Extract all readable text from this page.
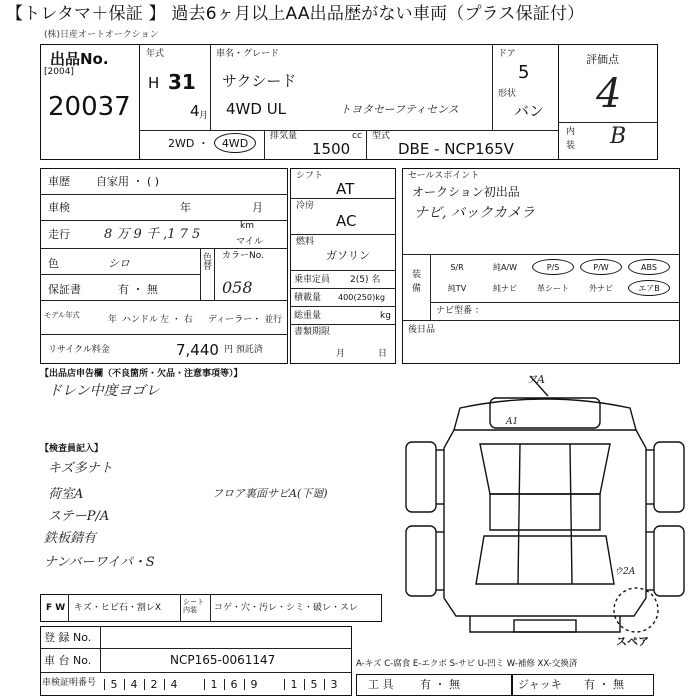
【トレタマ＋保証 】 過去6ヶ月以上AA出品歴がない車両（プラス保証付）
(株)日産オートオークション
出品No.
[2004]
20037
年式
H 31
4 月
車名・グレード
サクシード
4WD UL	トヨタセーフティセンス
ドア
5
形状
バン
評価点
4
内
装 B
2WD ・ 4WD
排気量	cc
1500
型式
DBE - NCP165V
車歴 自家用 ・ ( )
車検	年	月
走行	8 万 9 千 ,1 7 5
km
マイル
色	シロ	色替
カラーNo.
058
保証書	有 ・ 無
モデル年式	年 ハンドル 左 ・ 右 ディーラー・ 並行
リサイクル料金	7,440 円 預託済
シフト
AT
冷房
AC
燃料
ガソリン
乗車定員 2(5) 名
積載量 400(250)kg
総重量	kg
書類期限
月	日
セールスポイント
オークション初出品
ナビ, バックカメラ
装備
S/R	純A/W	P/S	P/W	ABS
純TV	純ナビ	革シート	外ナビ	エアB
ナビ型番 ：
後日品
【出品店申告欄（不良箇所・欠品・注意事項等）】
ドレン中度ヨゴレ
【検査員記入】
キズ多ナト
荷室A
ステーP/A
鉄板錆有
ナンバーワイパ・S
フロア裏面サビA(下廻)
フA
A1
ウ2A
スペア
F W キズ・ヒビ石・割レX
シート内装	コゲ・穴・汚レ・シミ・破レ・スレ
登 録 No.
車 台 No.	NCP165-0061147
車検証明番号	5	4	2	4	1	6	9	1	5	3
A-キズ C-腐食 E-エクボ S-サビ U-凹ミ W-補修 XX-交換済
工 具 有 ・ 無	ジャッキ 有 ・ 無
